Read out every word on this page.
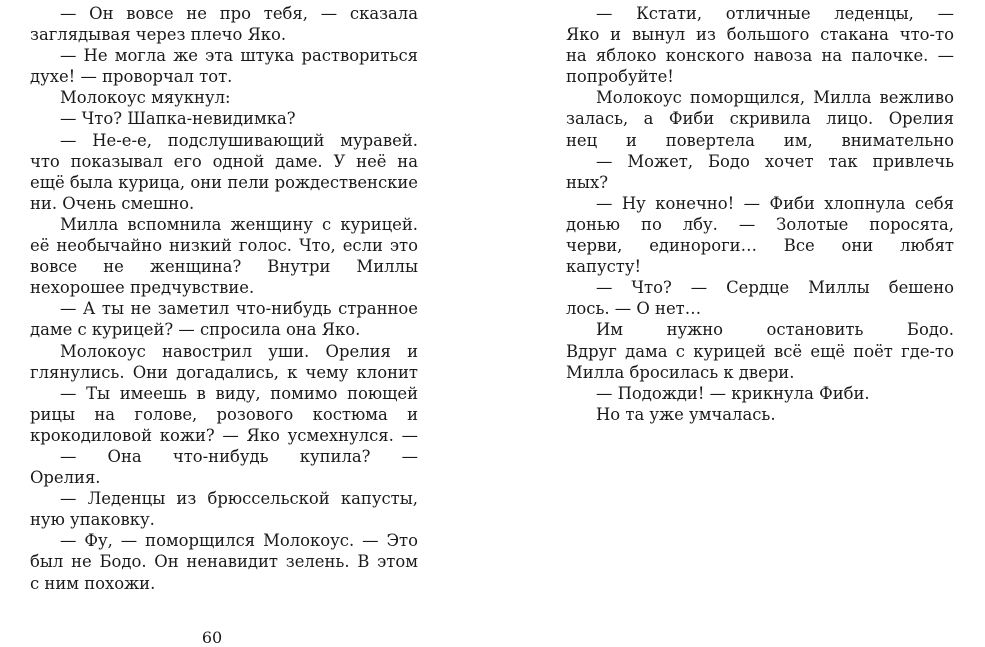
— Он вовсе не про тебя, — сказала
заглядывая через плечо Яко.
— Не могла же эта штука раствориться
духе! — проворчал тот.
Молокоус мяукнул:
— Что? Шапка-невидимка?
— Не-е-е, подслушивающий муравей.
что показывал его одной даме. У неё на
ещё была курица, они пели рождественские
ни. Очень смешно.
Милла вспомнила женщину с курицей.
её необычайно низкий голос. Что, если это
вовсе не женщина? Внутри Миллы
нехорошее предчувствие.
— А ты не заметил что-нибудь странное
даме с курицей? — спросила она Яко.
Молокоус навострил уши. Орелия и
глянулись. Они догадались, к чему клонит
— Ты имеешь в виду, помимо поющей
рицы на голове, розового костюма и
крокодиловой кожи? — Яко усмехнулся. —
— Она что-нибудь купила? —
Орелия.
— Леденцы из брюссельской капусты,
ную упаковку.
— Фу, — поморщился Молокоус. — Это
был не Бодо. Он ненавидит зелень. В этом
с ним похожи.
— Кстати, отличные леденцы, —
Яко и вынул из большого стакана что-то
на яблоко конского навоза на палочке. —
попробуйте!
Молокоус поморщился, Милла вежливо
залась, а Фиби скривила лицо. Орелия
нец и повертела им, внимательно
— Может, Бодо хочет так привлечь
ных?
— Ну конечно! — Фиби хлопнула себя
донью по лбу. — Золотые поросята,
черви, единороги… Все они любят
капусту!
— Что? — Сердце Миллы бешено
лось. — О нет…
Им нужно остановить Бодо.
Вдруг дама с курицей всё ещё поёт где-то
Милла бросилась к двери.
— Подожди! — крикнула Фиби.
Но та уже умчалась.
60
